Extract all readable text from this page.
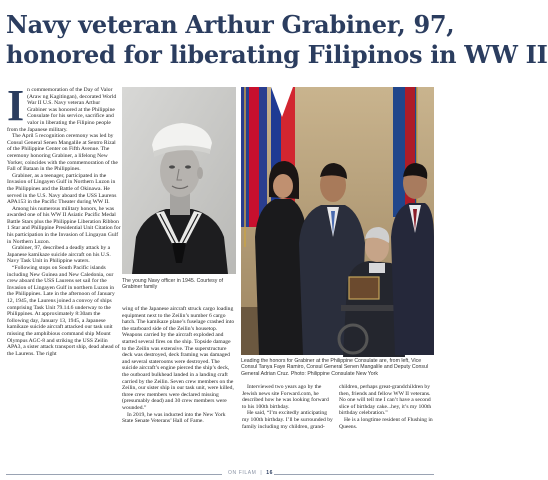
Navy veteran Arthur Grabiner, 97,
honored for liberating Filipinos in WW II
I n commemoration of the Day of Valor (Araw ng Kagitingan), decorated World War II U.S. Navy veteran Arthur Grabiner was honored at the Philippine Consulate for his service, sacrifice and valor in liberating the Filipino people from the Japanese military.

The April 5 recognition ceremony was led by Consul General Senen Mangalile at Sentro Rizal of the Philippine Center on Fifth Avenue. The ceremony honoring Grabiner, a lifelong New Yorker, coincides with the commemoration of the Fall of Bataan in the Philippines.

Grabiner, as a teenager, participated in the Invasion of Lingayen Gulf in Northern Luzon in the Philippines and the Battle of Okinawa. He served in the U.S. Navy aboard the USS Laurens APA153 in the Pacific Theater during WW II.

Among his numerous military honors, he was awarded one of his WW II Asiatic Pacific Medal Battle Stars plus the Philippine Liberation Ribbon 1 Star and Philippine Presidential Unit Citation for his participation in the Invasion of Lingayan Gulf in Northern Luzon.

Grabiner, 97, described a deadly attack by a Japanese kamikaze suicide aircraft on his U.S. Navy Task Unit in Philippine waters.

“Following stops on South Pacific islands including New Guinea and New Caledonia, our crew aboard the USS Laurens set sail for the Invasion of Lingayen Gulf in northern Luzon in the Philippines. Late in the afternoon of January 12, 1945, the Laurens joined a convoy of ships comprising Task Unit 79.14.6 underway to the Philippines. At approximately 8:30am the following day, January 13, 1945, a Japanese kamikaze suicide aircraft attacked our task unit missing the amphibious command ship Mount Olympus AGC-8 and striking the USS Zeilin APA3, a sister attack transport ship, dead ahead of the Laurens. The right

The young Navy officer in 1945. Courtesy of Grabiner family

wing of the Japanese aircraft struck cargo loading equipment next to the Zeilin’s number 6 cargo hatch. The kamikaze plane’s fuselage crashed into the starboard side of the Zeilin’s housetop. Weapons carried by the aircraft exploded and started several fires on the ship. Topside damage to the Zeilin was extensive. The superstructure deck was destroyed, deck framing was damaged and several staterooms were destroyed. The suicide aircraft’s engine pierced the ship’s deck, the outboard bulkhead landed in a landing craft carried by the Zeilin. Seven crew members on the Zeilin, our sister ship in our task unit, were killed, three crew members were declared missing (presumably dead) and 30 crew members were wounded.”

In 2019, he was inducted into the New York State Senate Veterans’ Hall of Fame.

Leading the honors for Grabiner at the Philippine Consulate are, from left, Vice Consul Tanya Faye Ramiro, Consul General Senen Mangalile and Deputy Consul General Adrian Cruz. Photo: Philippine Consulate New York

Interviewed two years ago by the Jewish news site Forward.com, he described how he was looking forward to his 100th birthday.

He said, “I’m excitedly anticipating my 100th birthday. I’ll be surrounded by family including my children, grand-

children, perhaps great-grandchildren by then, friends and fellow WW II veterans. No one will tell me I can’t have a second slice of birthday cake...hey, it’s my 100th birthday celebration.”

He is a longtime resident of Flushing in Queens.

ON FILAM  |  16
